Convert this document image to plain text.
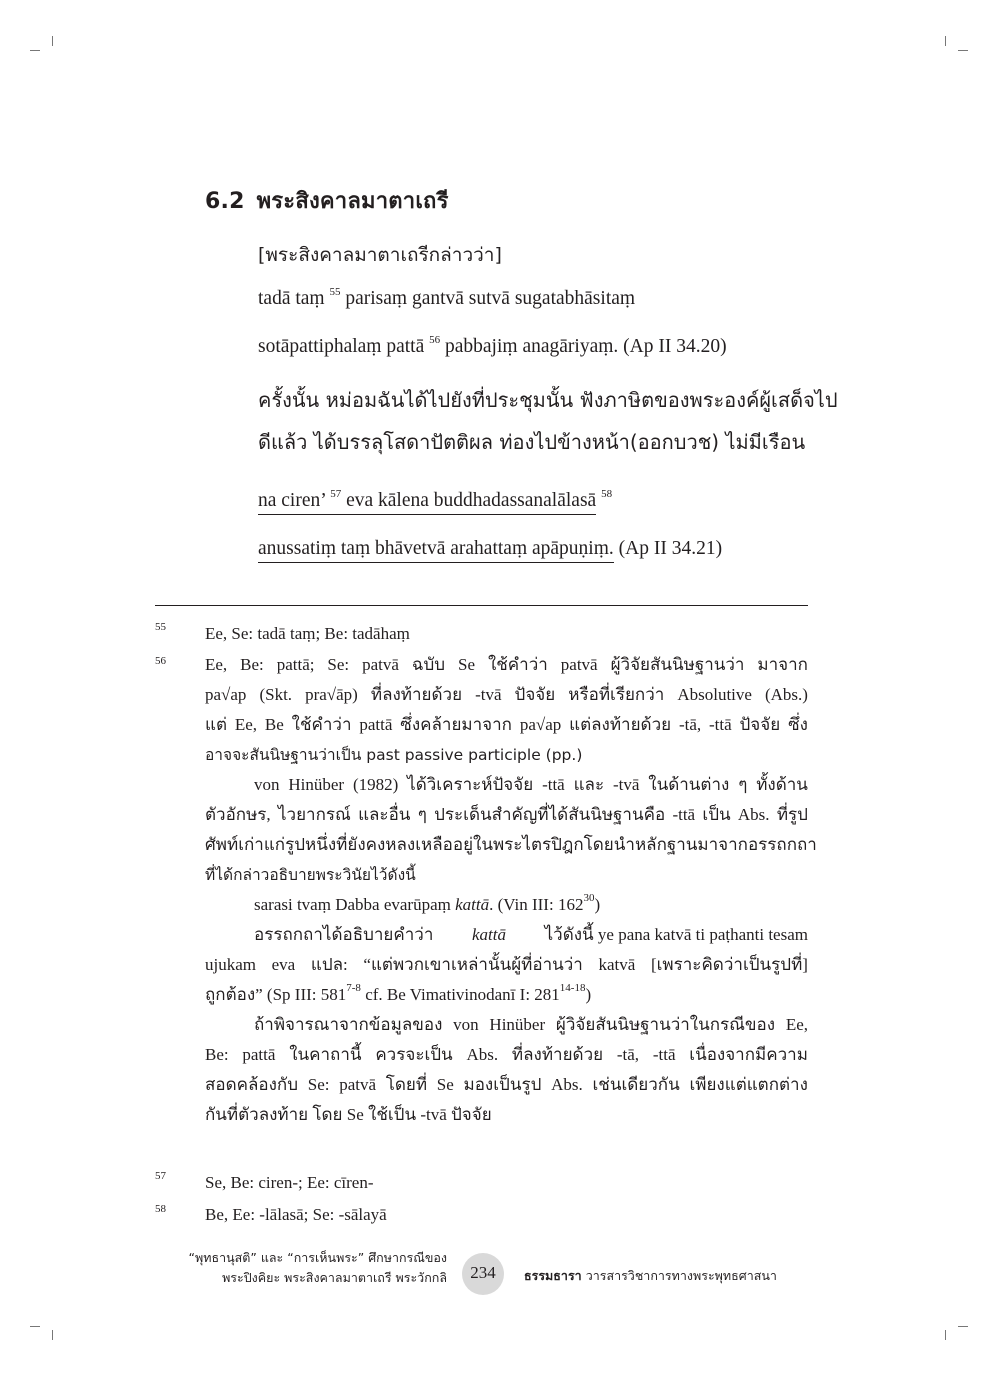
6.2 พระสิงคาลมาตาเถรี
[พระสิงคาลมาตาเถรีกล่าวว่า]
tadā taṃ $^{55}$ parisaṃ gantvā sutvā sugatabhāsitaṃ
sotāpattiphalaṃ pattā $^{56}$ pabbajiṃ anagāriyaṃ. (Ap II 34.20)
ครั้งนั้น หม่อมฉันได้ไปยังที่ประชุมนั้น ฟังภาษิตของพระองค์ผู้เสด็จไป
ดีแล้ว ได้บรรลุโสดาปัตติผล ท่องไปข้างหน้า(ออกบวช) ไม่มีเรือน
na ciren’ $^{57}$ eva kālena buddhadassanalālasā $^{58}$
anussatiṃ taṃ bhāvetvā arahattaṃ apāpuṇiṃ. (Ap II 34.21)
55 Ee, Se: tadā taṃ; Be: tadāhaṃ
56 Ee, Be: pattā; Se: patvā ฉบับ Se ใช้คำว่า patvā ผู้วิจัยสันนิษฐานว่า มาจาก
pa√ap (Skt. pra√āp) ที่ลงท้ายด้วย -tvā ปัจจัย หรือที่เรียกว่า Absolutive (Abs.)
แต่ Ee, Be ใช้คำว่า pattā ซึ่งคล้ายมาจาก pa√ap แต่ลงท้ายด้วย -tā, -ttā ปัจจัย ซึ่ง
อาจจะสันนิษฐานว่าเป็น past passive participle (pp.)
von Hinüber (1982) ได้วิเคราะห์ปัจจัย -ttā และ -tvā ในด้านต่าง ๆ ทั้งด้าน
ตัวอักษร, ไวยากรณ์ และอื่น ๆ ประเด็นสำคัญที่ได้สันนิษฐานคือ -ttā เป็น Abs. ที่รูป
ศัพท์เก่าแก่รูปหนึ่งที่ยังคงหลงเหลืออยู่ในพระไตรปิฎก โดยนำหลักฐานมาจากอรรถกถา
ที่ได้กล่าวอธิบายพระวินัยไว้ดังนี้
sarasi tvaṃ Dabba evarūpaṃ kattā. (Vin III: $162^{30}$)
อรรถกถาได้อธิบายคำว่า kattā ไว้ดังนี้ ye pana katvā ti paṭhanti tesam
ujukam eva แปล: “แต่พวกเขาเหล่านั้นผู้ที่อ่านว่า katvā [เพราะคิดว่าเป็นรูปที่]
ถูกต้อง” (Sp III: 581$^{7-8}$ cf. Be Vimativinodanī I: 281$^{14-18}$)
ถ้าพิจารณาจากข้อมูลของ von Hinüber ผู้วิจัยสันนิษฐานว่าในกรณีของ Ee,
Be: pattā ในคาถานี้ ควรจะเป็น Abs. ที่ลงท้ายด้วย -tā, -ttā เนื่องจากมีความ
สอดคล้องกับ Se: patvā โดยที่ Se มองเป็นรูป Abs. เช่นเดียวกัน เพียงแต่แตกต่าง
กันที่ตัวลงท้าย โดย Se ใช้เป็น -tvā ปัจจัย
57 Se, Be: ciren-; Ee: cīren-
58 Be, Ee: -lālasā; Se: -sālayā
“พุทธานุสติ” และ “การเห็นพระ” ศึกษากรณีของ
พระปิงคิยะ พระสิงคาลมาตาเถรี พระวักกลิ	234	ธรรมธารา วารสารวิชาการทางพระพุทธศาสนา
